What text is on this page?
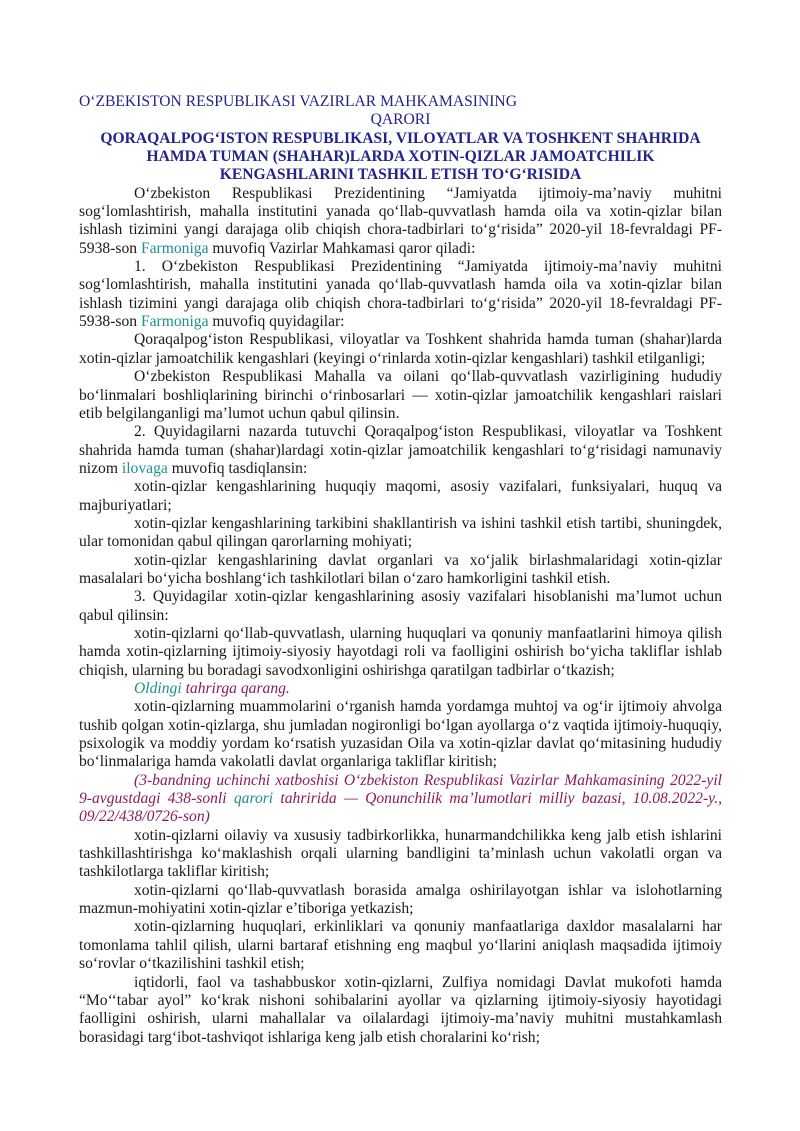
O‘ZBEKISTON RESPUBLIKASI VAZIRLAR MAHKAMASINING
QARORI
QORAQALPOG‘ISTON RESPUBLIKASI, VILOYATLAR VA TOSHKENT SHAHRIDA HAMDA TUMAN (SHAHAR)LARDA XOTIN-QIZLAR JAMOATCHILIK KENGASHLARINI TASHKIL ETISH TO‘G‘RISIDA

O‘zbekiston Respublikasi Prezidentining “Jamiyatda ijtimoiy-ma’naviy muhitni sog‘lomlashtirish, mahalla institutini yanada qo‘llab-quvvatlash hamda oila va xotin-qizlar bilan ishlash tizimini yangi darajaga olib chiqish chora-tadbirlari to‘g‘risida” 2020-yil 18-fevraldagi PF-5938-son Farmoniga muvofiq Vazirlar Mahkamasi qaror qiladi:

1. O‘zbekiston Respublikasi Prezidentining “Jamiyatda ijtimoiy-ma’naviy muhitni sog‘lomlashtirish, mahalla institutini yanada qo‘llab-quvvatlash hamda oila va xotin-qizlar bilan ishlash tizimini yangi darajaga olib chiqish chora-tadbirlari to‘g‘risida” 2020-yil 18-fevraldagi PF-5938-son Farmoniga muvofiq quyidagilar:

Qoraqalpog‘iston Respublikasi, viloyatlar va Toshkent shahrida hamda tuman (shahar)larda xotin-qizlar jamoatchilik kengashlari (keyingi o‘rinlarda xotin-qizlar kengashlari) tashkil etilganligi;

O‘zbekiston Respublikasi Mahalla va oilani qo‘llab-quvvatlash vazirligining hududiy bo‘linmalari boshliqlarining birinchi o‘rinbosarlari — xotin-qizlar jamoatchilik kengashlari raislari etib belgilanganligi ma’lumot uchun qabul qilinsin.

2. Quyidagilarni nazarda tutuvchi Qoraqalpog‘iston Respublikasi, viloyatlar va Toshkent shahrida hamda tuman (shahar)lardagi xotin-qizlar jamoatchilik kengashlari to‘g‘risidagi namunaviy nizom ilovaga muvofiq tasdiqlansin:

xotin-qizlar kengashlarining huquqiy maqomi, asosiy vazifalari, funksiyalari, huquq va majburiyatlari;

xotin-qizlar kengashlarining tarkibini shakllantirish va ishini tashkil etish tartibi, shuningdek, ular tomonidan qabul qilingan qarorlarning mohiyati;

xotin-qizlar kengashlarining davlat organlari va xo‘jalik birlashmalaridagi xotin-qizlar masalalari bo‘yicha boshlang‘ich tashkilotlari bilan o‘zaro hamkorligini tashkil etish.

3. Quyidagilar xotin-qizlar kengashlarining asosiy vazifalari hisoblanishi ma’lumot uchun qabul qilinsin:

xotin-qizlarni qo‘llab-quvvatlash, ularning huquqlari va qonuniy manfaatlarini himoya qilish hamda xotin-qizlarning ijtimoiy-siyosiy hayotdagi roli va faolligini oshirish bo‘yicha takliflar ishlab chiqish, ularning bu boradagi savodxonligini oshirishga qaratilgan tadbirlar o‘tkazish;

Oldingi tahrirga qarang.

xotin-qizlarning muammolarini o‘rganish hamda yordamga muhtoj va og‘ir ijtimoiy ahvolga tushib qolgan xotin-qizlarga, shu jumladan nogironligi bo‘lgan ayollarga o‘z vaqtida ijtimoiy-huquqiy, psixologik va moddiy yordam ko‘rsatish yuzasidan Oila va xotin-qizlar davlat qo‘mitasining hududiy bo‘linmalariga hamda vakolatli davlat organlariga takliflar kiritish;

(3-bandning uchinchi xatboshisi O‘zbekiston Respublikasi Vazirlar Mahkamasining 2022-yil 9-avgustdagi 438-sonli qarori tahririda — Qonunchilik ma’lumotlari milliy bazasi, 10.08.2022-y., 09/22/438/0726-son)

xotin-qizlarni oilaviy va xususiy tadbirkorlikka, hunarmandchilikka keng jalb etish ishlarini tashkillashtirishga ko‘maklashish orqali ularning bandligini ta’minlash uchun vakolatli organ va tashkilotlarga takliflar kiritish;

xotin-qizlarni qo‘llab-quvvatlash borasida amalga oshirilayotgan ishlar va islohotlarning mazmun-mohiyatini xotin-qizlar e’tiboriga yetkazish;

xotin-qizlarning huquqlari, erkinliklari va qonuniy manfaatlariga daxldor masalalarni har tomonlama tahlil qilish, ularni bartaraf etishning eng maqbul yo‘llarini aniqlash maqsadida ijtimoiy so‘rovlar o‘tkazilishini tashkil etish;

iqtidorli, faol va tashabbuskor xotin-qizlarni, Zulfiya nomidagi Davlat mukofoti hamda “Mo‘‘tabar ayol” ko‘krak nishoni sohibalarini ayollar va qizlarning ijtimoiy-siyosiy hayotidagi faolligini oshirish, ularni mahallalar va oilalardagi ijtimoiy-ma’naviy muhitni mustahkamlash borasidagi targ‘ibot-tashviqot ishlariga keng jalb etish choralarini ko‘rish;
